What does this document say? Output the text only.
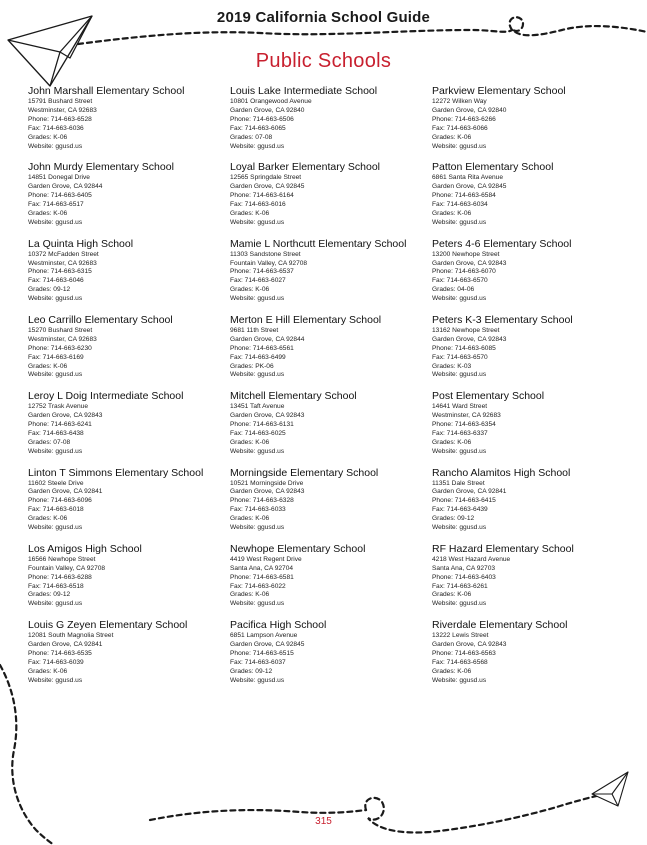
2019 California School Guide
Public Schools
John Marshall Elementary School
15791 Bushard Street
Westminster, CA 92683
Phone: 714-663-6528
Fax: 714-663-6036
Grades: K-06
Website: ggusd.us
John Murdy Elementary School
14851 Donegal Drive
Garden Grove, CA 92844
Phone: 714-663-6405
Fax: 714-663-6517
Grades: K-06
Website: ggusd.us
La Quinta High School
10372 McFadden Street
Westminster, CA 92683
Phone: 714-663-6315
Fax: 714-663-6046
Grades: 09-12
Website: ggusd.us
Leo Carrillo Elementary School
15270 Bushard Street
Westminster, CA 92683
Phone: 714-663-6230
Fax: 714-663-6169
Grades: K-06
Website: ggusd.us
Leroy L Doig Intermediate School
12752 Trask Avenue
Garden Grove, CA 92843
Phone: 714-663-6241
Fax: 714-663-6438
Grades: 07-08
Website: ggusd.us
Linton T Simmons Elementary School
11602 Steele Drive
Garden Grove, CA 92841
Phone: 714-663-6096
Fax: 714-663-6018
Grades: K-06
Website: ggusd.us
Los Amigos High School
16566 Newhope Street
Fountain Valley, CA 92708
Phone: 714-663-6288
Fax: 714-663-6518
Grades: 09-12
Website: ggusd.us
Louis G Zeyen Elementary School
12081 South Magnolia Street
Garden Grove, CA 92841
Phone: 714-663-6535
Fax: 714-663-6039
Grades: K-06
Website: ggusd.us
Louis Lake Intermediate School
10801 Orangewood Avenue
Garden Grove, CA 92840
Phone: 714-663-6506
Fax: 714-663-6065
Grades: 07-08
Website: ggusd.us
Loyal Barker Elementary School
12565 Springdale Street
Garden Grove, CA 92845
Phone: 714-663-6164
Fax: 714-663-6016
Grades: K-06
Website: ggusd.us
Mamie L Northcutt Elementary School
11303 Sandstone Street
Fountain Valley, CA 92708
Phone: 714-663-6537
Fax: 714-663-6027
Grades: K-06
Website: ggusd.us
Merton E Hill Elementary School
9681 11th Street
Garden Grove, CA 92844
Phone: 714-663-6561
Fax: 714-663-6499
Grades: PK-06
Website: ggusd.us
Mitchell Elementary School
13451 Taft Avenue
Garden Grove, CA 92843
Phone: 714-663-6131
Fax: 714-663-6025
Grades: K-06
Website: ggusd.us
Morningside Elementary School
10521 Morningside Drive
Garden Grove, CA 92843
Phone: 714-663-6328
Fax: 714-663-6033
Grades: K-06
Website: ggusd.us
Newhope Elementary School
4419 West Regent Drive
Santa Ana, CA 92704
Phone: 714-663-6581
Fax: 714-663-6022
Grades: K-06
Website: ggusd.us
Pacifica High School
6851 Lampson Avenue
Garden Grove, CA 92845
Phone: 714-663-6515
Fax: 714-663-6037
Grades: 09-12
Website: ggusd.us
Parkview Elementary School
12272 Wilken Way
Garden Grove, CA 92840
Phone: 714-663-6266
Fax: 714-663-6066
Grades: K-06
Website: ggusd.us
Patton Elementary School
6861 Santa Rita Avenue
Garden Grove, CA 92845
Phone: 714-663-6584
Fax: 714-663-6034
Grades: K-06
Website: ggusd.us
Peters 4-6 Elementary School
13200 Newhope Street
Garden Grove, CA 92843
Phone: 714-663-6070
Fax: 714-663-6570
Grades: 04-06
Website: ggusd.us
Peters K-3 Elementary School
13162 Newhope Street
Garden Grove, CA 92843
Phone: 714-663-6085
Fax: 714-663-6570
Grades: K-03
Website: ggusd.us
Post Elementary School
14641 Ward Street
Westminster, CA 92683
Phone: 714-663-6354
Fax: 714-663-6337
Grades: K-06
Website: ggusd.us
Rancho Alamitos High School
11351 Dale Street
Garden Grove, CA 92841
Phone: 714-663-6415
Fax: 714-663-6439
Grades: 09-12
Website: ggusd.us
RF Hazard Elementary School
4218 West Hazard Avenue
Santa Ana, CA 92703
Phone: 714-663-6403
Fax: 714-663-6261
Grades: K-06
Website: ggusd.us
Riverdale Elementary School
13222 Lewis Street
Garden Grove, CA 92843
Phone: 714-663-6563
Fax: 714-663-6568
Grades: K-06
Website: ggusd.us
315
